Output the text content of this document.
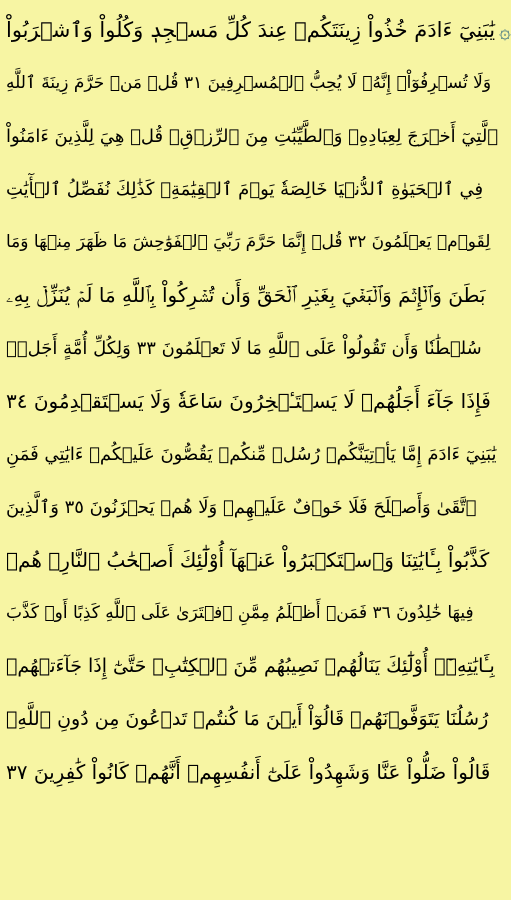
۞
يَٰبَنِيٓ ءَادَمَ خُذُواْ زِينَتَكُمۡ عِندَ كُلِّ مَسۡجِدٖ وَكُلُواْ وَٱشۡرَبُواْ
وَلَا تُسۡرِفُوٓاْۚ إِنَّهُۥ لَا يُحِبُّ ٱلۡمُسۡرِفِينَ ٣١ قُلۡ مَنۡ حَرَّمَ زِينَةَ ٱللَّهِ
ٱلَّتِيٓ أَخۡرَجَ لِعِبَادِهِۦ وَٱلطَّيِّبَٰتِ مِنَ ٱلرِّزۡقِۚ قُلۡ هِيَ لِلَّذِينَ ءَامَنُواْ
فِي ٱلۡحَيَوٰةِ ٱلدُّنۡيَا خَالِصَةٗ يَوۡمَ ٱلۡقِيَٰمَةِۗ كَذَٰلِكَ نُفَصِّلُ ٱلۡأٓيَٰتِ
لِقَوۡمٖ يَعۡلَمُونَ ٣٢ قُلۡ إِنَّمَا حَرَّمَ رَبِّيَ ٱلۡفَوَٰحِشَ مَا ظَهَرَ مِنۡهَا وَمَا
بَطَنَ وَٱلۡإِثۡمَ وَٱلۡبَغۡيَ بِغَيۡرِ ٱلۡحَقِّ وَأَن تُشۡرِكُواْ بِٱللَّهِ مَا لَمۡ يُنَزِّلۡ بِهِۦ
سُلۡطَٰنٗا وَأَن تَقُولُواْ عَلَى ٱللَّهِ مَا لَا تَعۡلَمُونَ ٣٣ وَلِكُلِّ أُمَّةٍ أَجَلٞۖ
فَإِذَا جَآءَ أَجَلُهُمۡ لَا يَسۡتَـٔۡخِرُونَ سَاعَةٗ وَلَا يَسۡتَقۡدِمُونَ ٣٤
يَٰبَنِيٓ ءَادَمَ إِمَّا يَأۡتِيَنَّكُمۡ رُسُلٞ مِّنكُمۡ يَقُصُّونَ عَلَيۡكُمۡ ءَايَٰتِي فَمَنِ
ٱتَّقَىٰ وَأَصۡلَحَ فَلَا خَوۡفٌ عَلَيۡهِمۡ وَلَا هُمۡ يَحۡزَنُونَ ٣٥ وَٱلَّذِينَ
كَذَّبُواْ بِـَٔايَٰتِنَا وَٱسۡتَكۡبَرُواْ عَنۡهَآ أُوْلَٰٓئِكَ أَصۡحَٰبُ ٱلنَّارِۖ هُمۡ
فِيهَا خَٰلِدُونَ ٣٦ فَمَنۡ أَظۡلَمُ مِمَّنِ ٱفۡتَرَىٰ عَلَى ٱللَّهِ كَذِبًا أَوۡ كَذَّبَ
بِـَٔايَٰتِهِۦٓۚ أُوْلَٰٓئِكَ يَنَالُهُمۡ نَصِيبُهُم مِّنَ ٱلۡكِتَٰبِۖ حَتَّىٰٓ إِذَا جَآءَتۡهُمۡ
رُسُلُنَا يَتَوَفَّوۡنَهُمۡ قَالُوٓاْ أَيۡنَ مَا كُنتُمۡ تَدۡعُونَ مِن دُونِ ٱللَّهِۖ
قَالُواْ ضَلُّواْ عَنَّا وَشَهِدُواْ عَلَىٰٓ أَنفُسِهِمۡ أَنَّهُمۡ كَانُواْ كَٰفِرِينَ ٣٧
